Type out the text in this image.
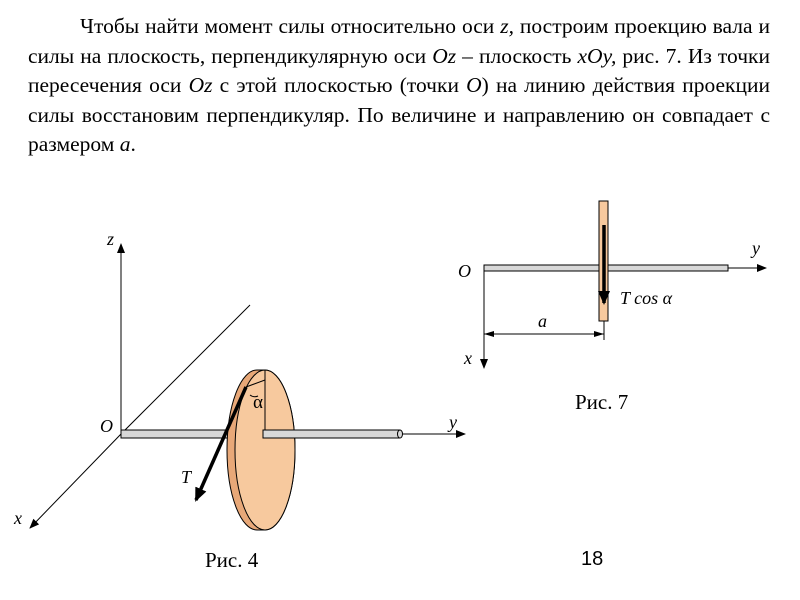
Чтобы найти момент силы относительно оси z, построим проекцию вала и силы на плоскость, перпендикулярную оси Oz – плоскость xOy, рис. 7. Из точки пересечения оси Oz с этой плоскостью (точки O) на линию действия проекции силы восстановим перпендикуляр. По величине и направлению он совпадает с размером a.

z
y
x
O
T
α
O
y
x
a
T cos α
Рис. 4
Рис. 7
18
